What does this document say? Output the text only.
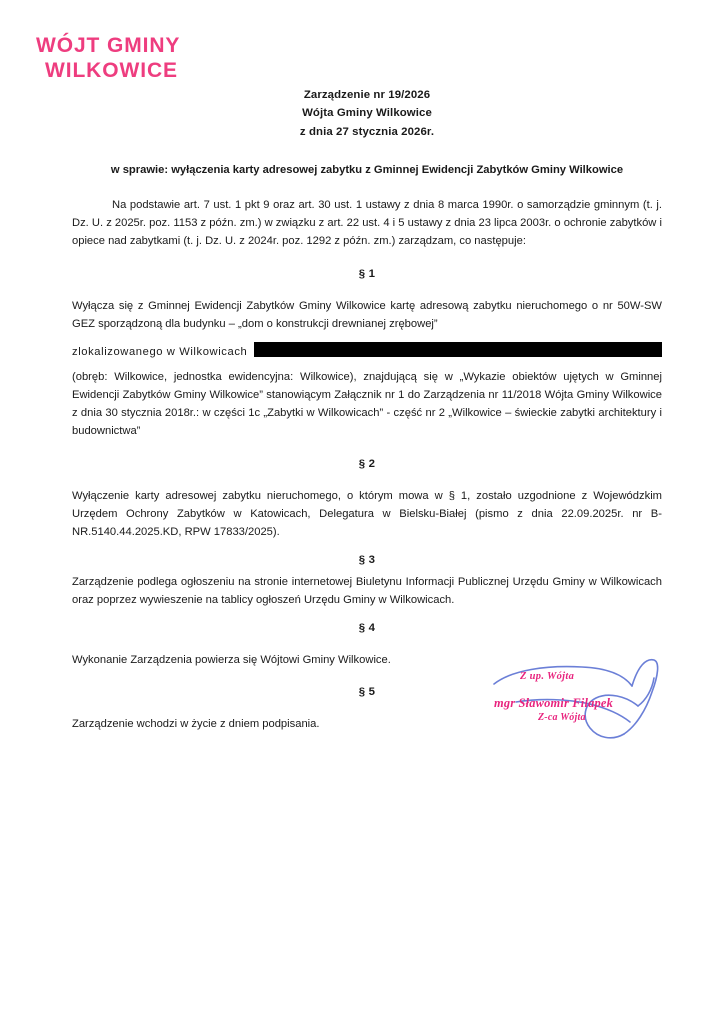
WÓJT GMINY
WILKOWICE
Zarządzenie nr 19/2026
Wójta Gminy Wilkowice
z dnia 27 stycznia 2026r.
w sprawie: wyłączenia karty adresowej zabytku z Gminnej Ewidencji Zabytków Gminy Wilkowice
Na podstawie art. 7 ust. 1 pkt 9 oraz art. 30 ust. 1 ustawy z dnia 8 marca 1990r. o samorządzie gminnym (t. j. Dz. U. z 2025r. poz. 1153 z późn. zm.) w związku z art. 22 ust. 4 i 5 ustawy z dnia 23 lipca 2003r. o ochronie zabytków i opiece nad zabytkami (t. j. Dz. U. z 2024r. poz. 1292 z późn. zm.) zarządzam, co następuje:
§ 1
Wyłącza się z Gminnej Ewidencji Zabytków Gminy Wilkowice kartę adresową zabytku nieruchomego o nr 50W-SW GEZ sporządzoną dla budynku – „dom o konstrukcji drewnianej zrębowej”
zlokalizowanego w Wilkowicach
(obręb: Wilkowice, jednostka ewidencyjna: Wilkowice), znajdującą się w „Wykazie obiektów ujętych w Gminnej Ewidencji Zabytków Gminy Wilkowice” stanowiącym Załącznik nr 1 do Zarządzenia nr 11/2018 Wójta Gminy Wilkowice z dnia 30 stycznia 2018r.: w części 1c „Zabytki w Wilkowicach” - część nr 2 „Wilkowice – świeckie zabytki architektury i budownictwa”
§ 2
Wyłączenie karty adresowej zabytku nieruchomego, o którym mowa w § 1, zostało uzgodnione z Wojewódzkim Urzędem Ochrony Zabytków w Katowicach, Delegatura w Bielsku-Białej (pismo z dnia 22.09.2025r. nr B-NR.5140.44.2025.KD, RPW 17833/2025).
§ 3
Zarządzenie podlega ogłoszeniu na stronie internetowej Biuletynu Informacji Publicznej Urzędu Gminy w Wilkowicach oraz poprzez wywieszenie na tablicy ogłoszeń Urzędu Gminy w Wilkowicach.
§ 4
Wykonanie Zarządzenia powierza się Wójtowi Gminy Wilkowice.
§ 5
Zarządzenie wchodzi w życie z dniem podpisania.
Z up. Wójta
mgr Sławomir Filapek
Z-ca Wójta
